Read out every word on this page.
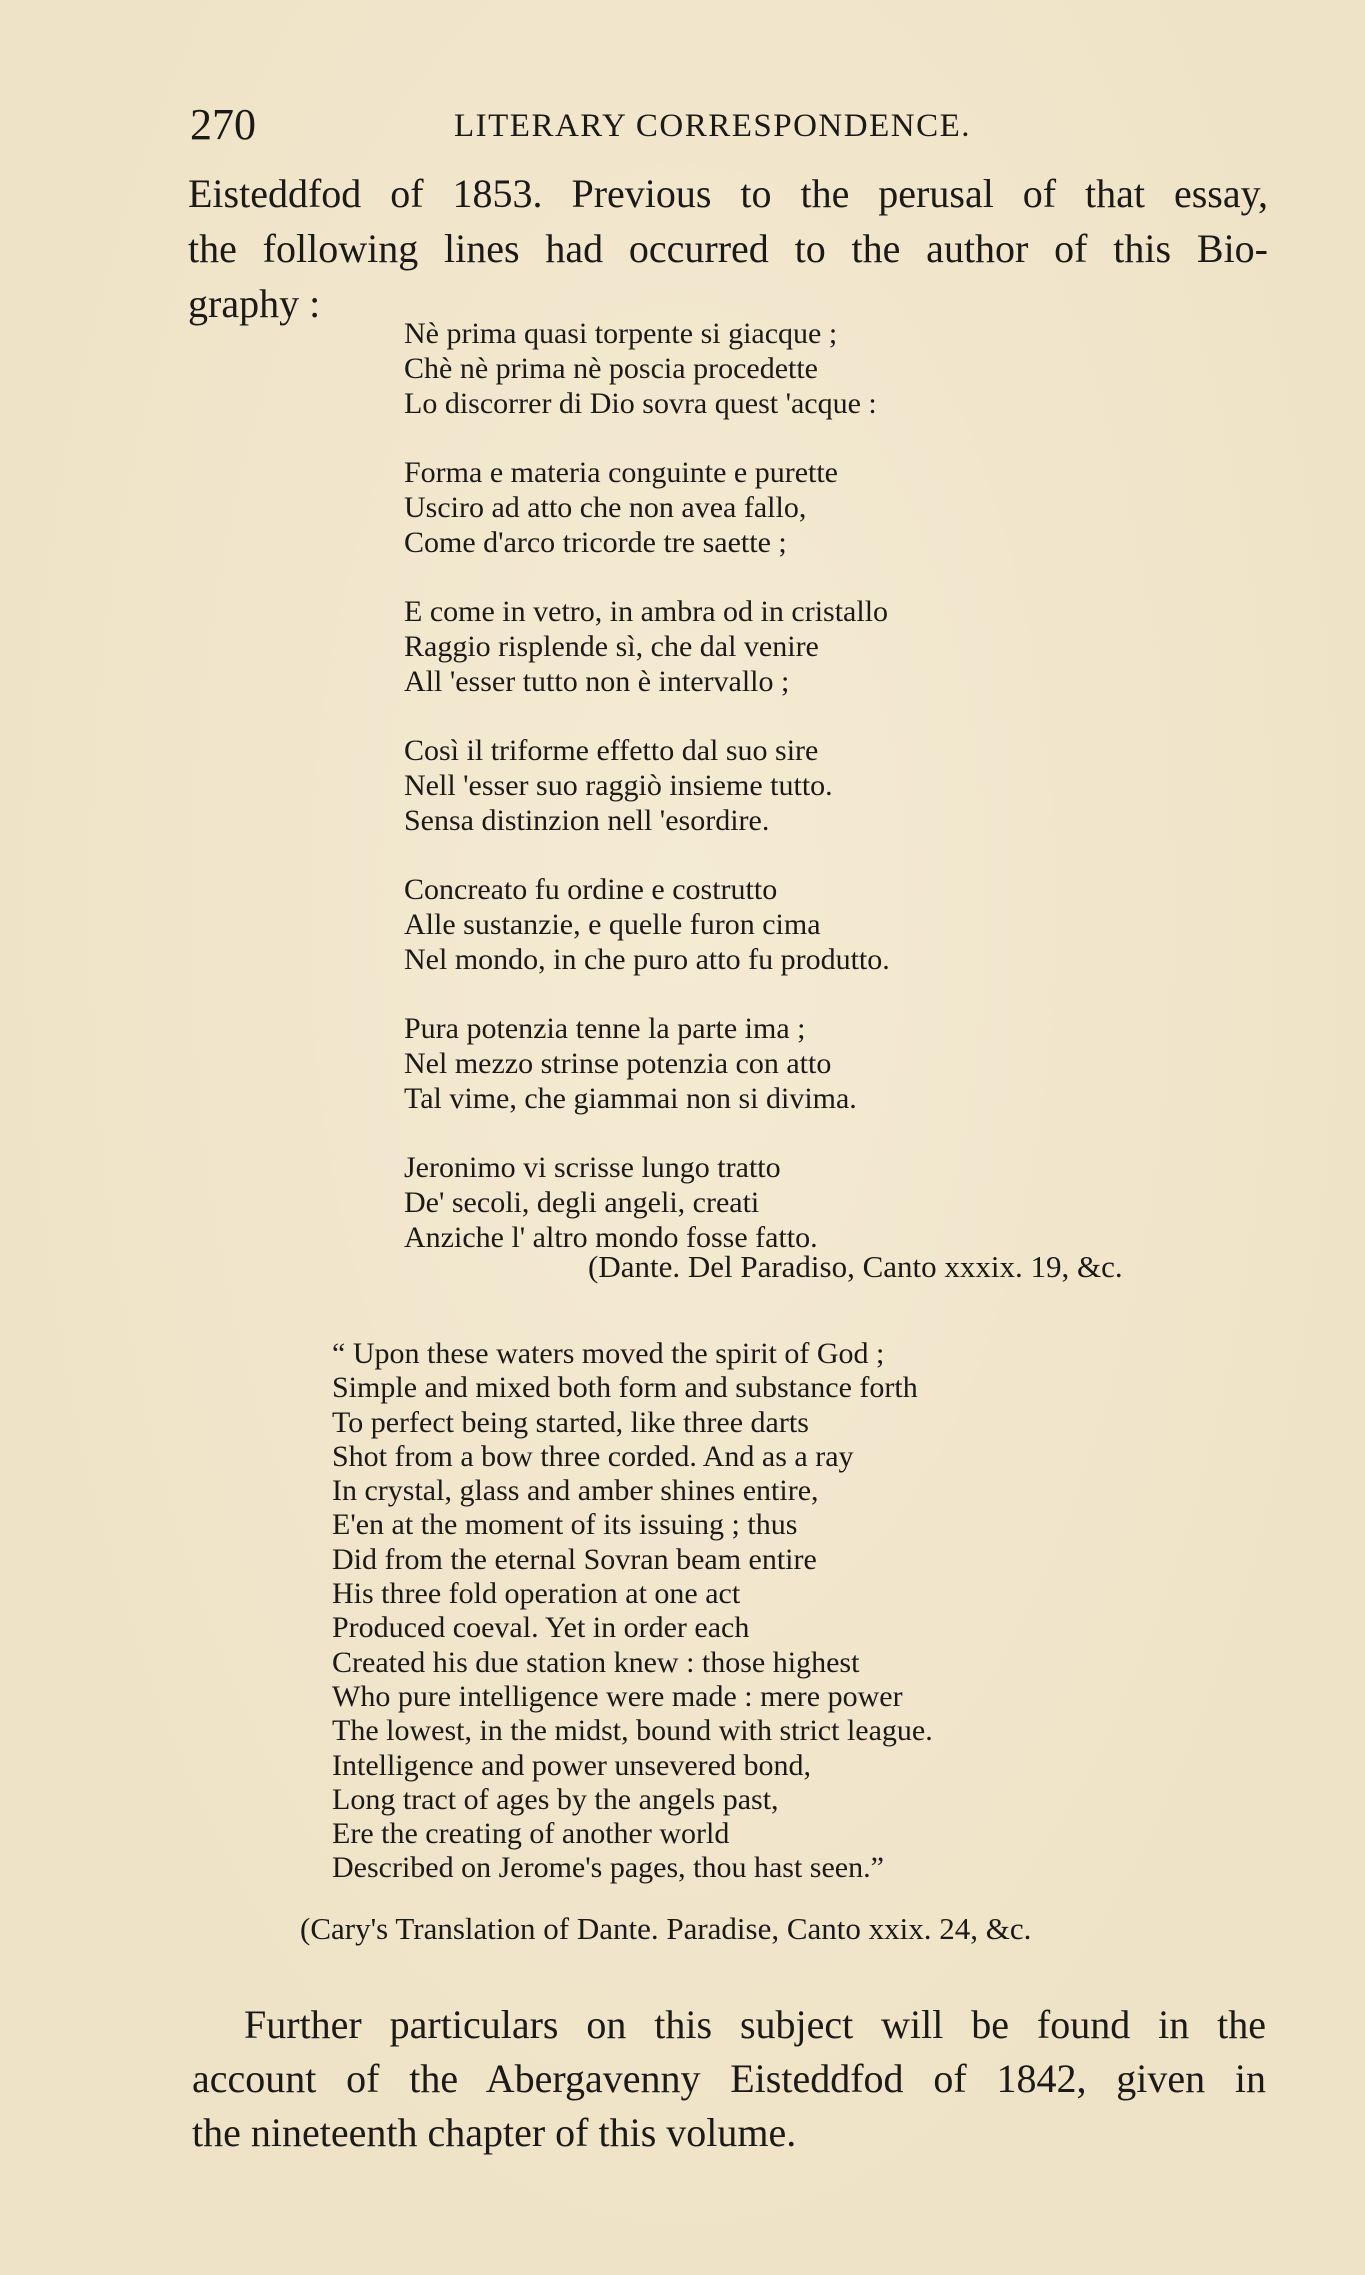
270	LITERARY CORRESPONDENCE.
Eisteddfod of 1853. Previous to the perusal of that essay,
the following lines had occurred to the author of this Bio-
graphy :
Nè prima quasi torpente si giacque ;
Chè nè prima nè poscia procedette
Lo discorrer di Dio sovra quest 'acque :
Forma e materia conguinte e purette
Usciro ad atto che non avea fallo,
Come d'arco tricorde tre saette ;
E come in vetro, in ambra od in cristallo
Raggio risplende sì, che dal venire
All 'esser tutto non è intervallo ;
Così il triforme effetto dal suo sire
Nell 'esser suo raggiò insieme tutto.
Sensa distinzion nell 'esordire.
Concreato fu ordine e costrutto
Alle sustanzie, e quelle furon cima
Nel mondo, in che puro atto fu produtto.
Pura potenzia tenne la parte ima ;
Nel mezzo strinse potenzia con atto
Tal vime, che giammai non si divima.
Jeronimo vi scrisse lungo tratto
De' secoli, degli angeli, creati
Anziche l' altro mondo fosse fatto.
(Dante. Del Paradiso, Canto xxxix. 19, &c.
“ Upon these waters moved the spirit of God ;
Simple and mixed both form and substance forth
To perfect being started, like three darts
Shot from a bow three corded. And as a ray
In crystal, glass and amber shines entire,
E'en at the moment of its issuing ; thus
Did from the eternal Sovran beam entire
His three fold operation at one act
Produced coeval. Yet in order each
Created his due station knew : those highest
Who pure intelligence were made : mere power
The lowest, in the midst, bound with strict league.
Intelligence and power unsevered bond,
Long tract of ages by the angels past,
Ere the creating of another world
Described on Jerome's pages, thou hast seen.”
(Cary's Translation of Dante. Paradise, Canto xxix. 24, &c.
Further particulars on this subject will be found in the
account of the Abergavenny Eisteddfod of 1842, given in
the nineteenth chapter of this volume.
